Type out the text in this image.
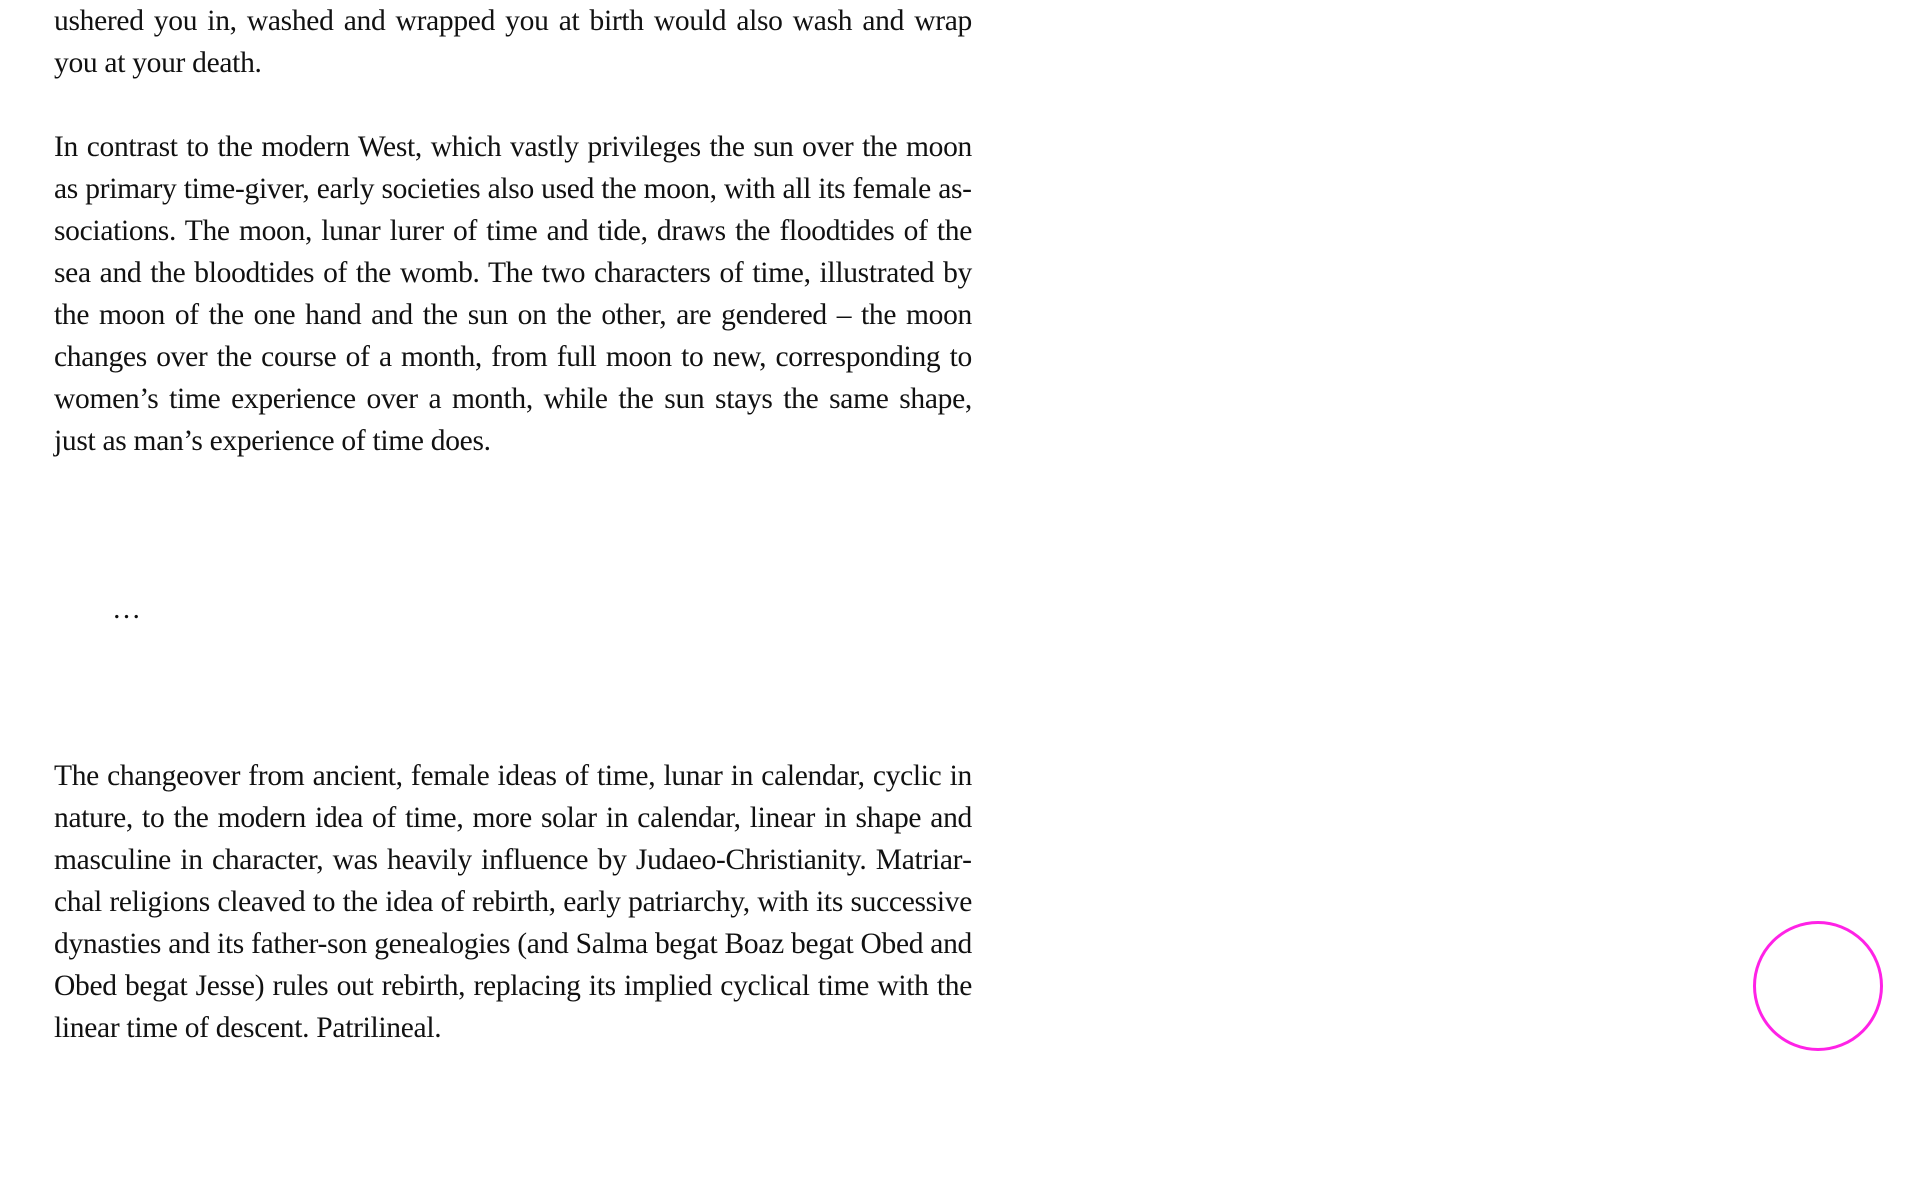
ushered you in, washed and wrapped you at birth would also wash and wrap you at your death.

In contrast to the modern West, which vastly privileges the sun over the moon as primary time-giver, early societies also used the moon, with all its female associations. The moon, lunar lurer of time and tide, draws the floodtides of the sea and the bloodtides of the womb. The two characters of time, illustrated by the moon of the one hand and the sun on the other, are gendered – the moon changes over the course of a month, from full moon to new, corresponding to women’s time experience over a month, while the sun stays the same shape, just as man’s experience of time does.

…

The changeover from ancient, female ideas of time, lunar in calendar, cyclic in nature, to the modern idea of time, more solar in calendar, linear in shape and masculine in character, was heavily influence by Judaeo-Christianity. Matriarchal religions cleaved to the idea of rebirth, early patriarchy, with its successive dynasties and its father-son genealogies (and Salma begat Boaz begat Obed and Obed begat Jesse) rules out rebirth, replacing its implied cyclical time with the linear time of descent. Patrilineal.
